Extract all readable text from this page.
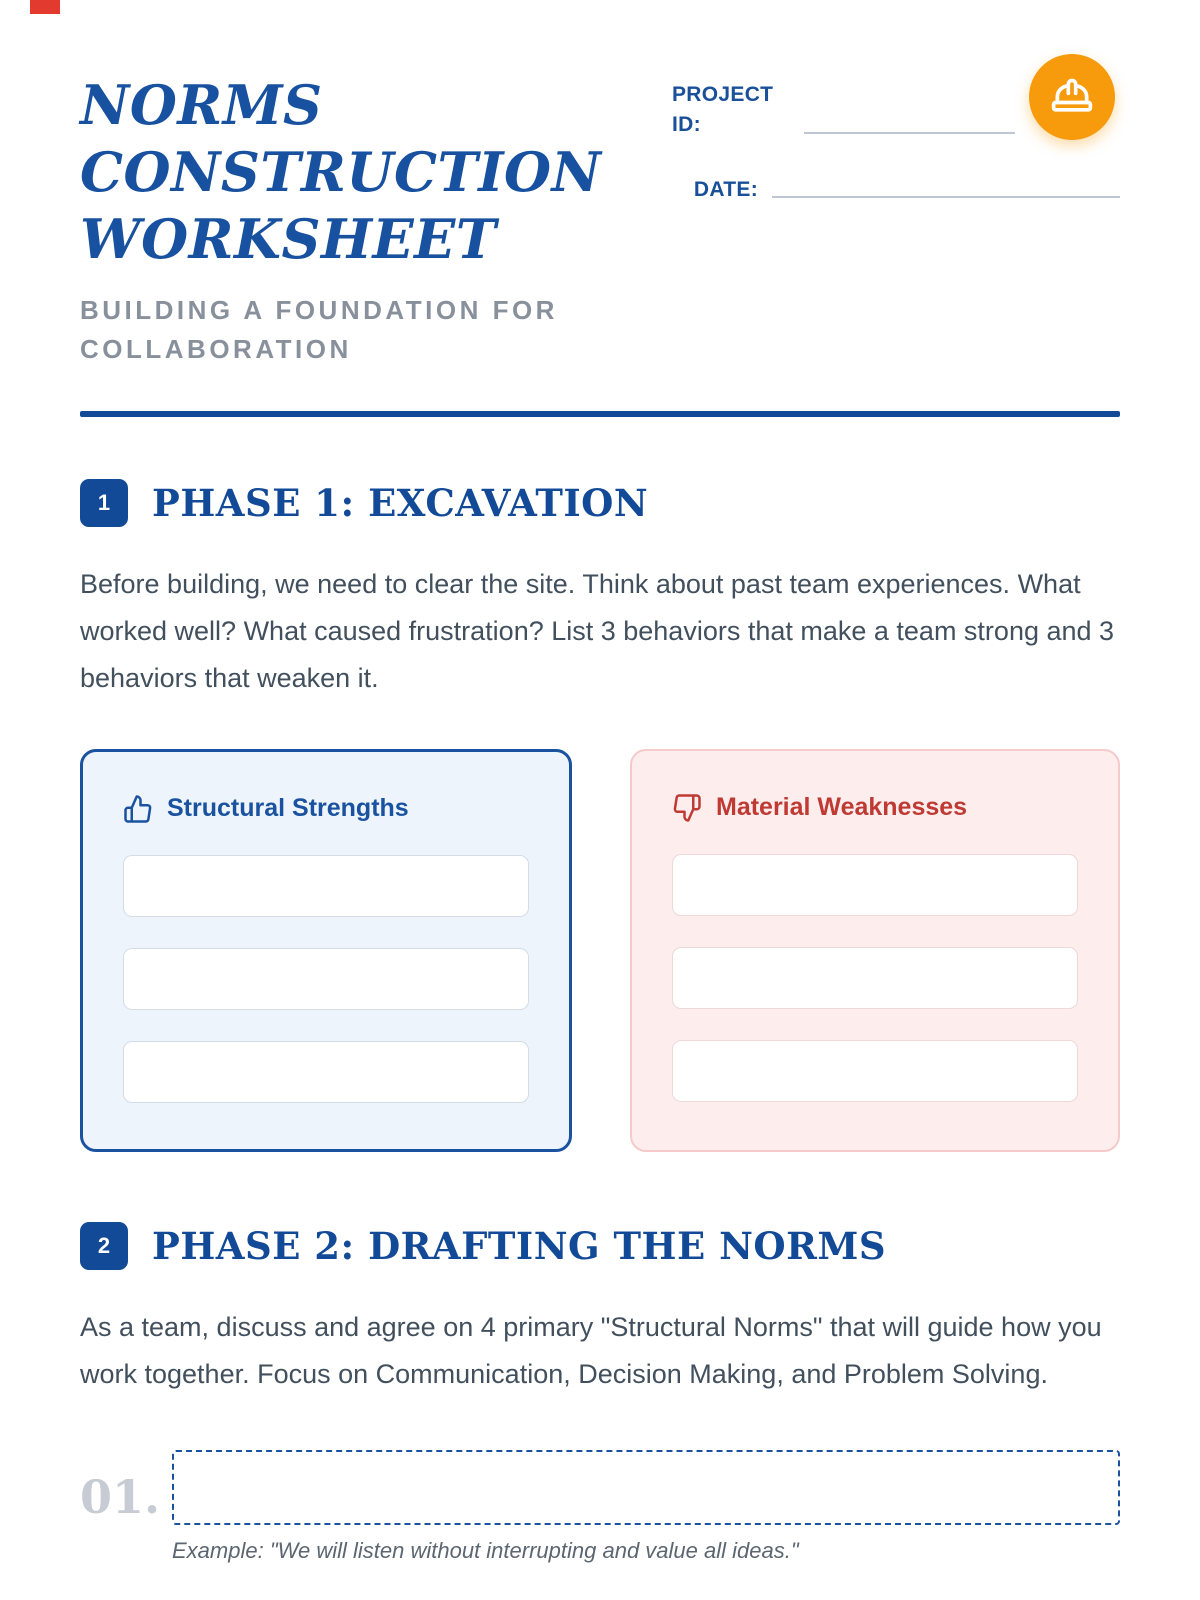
NORMS
CONSTRUCTION
WORKSHEET
BUILDING A FOUNDATION FOR COLLABORATION
PROJECT ID:
DATE:
1	PHASE 1: EXCAVATION
Before building, we need to clear the site. Think about past team experiences. What worked well? What caused frustration? List 3 behaviors that make a team strong and 3 behaviors that weaken it.
Structural Strengths	Material Weaknesses
2	PHASE 2: DRAFTING THE NORMS
As a team, discuss and agree on 4 primary "Structural Norms" that will guide how you work together. Focus on Communication, Decision Making, and Problem Solving.
01.
Example: "We will listen without interrupting and value all ideas."
